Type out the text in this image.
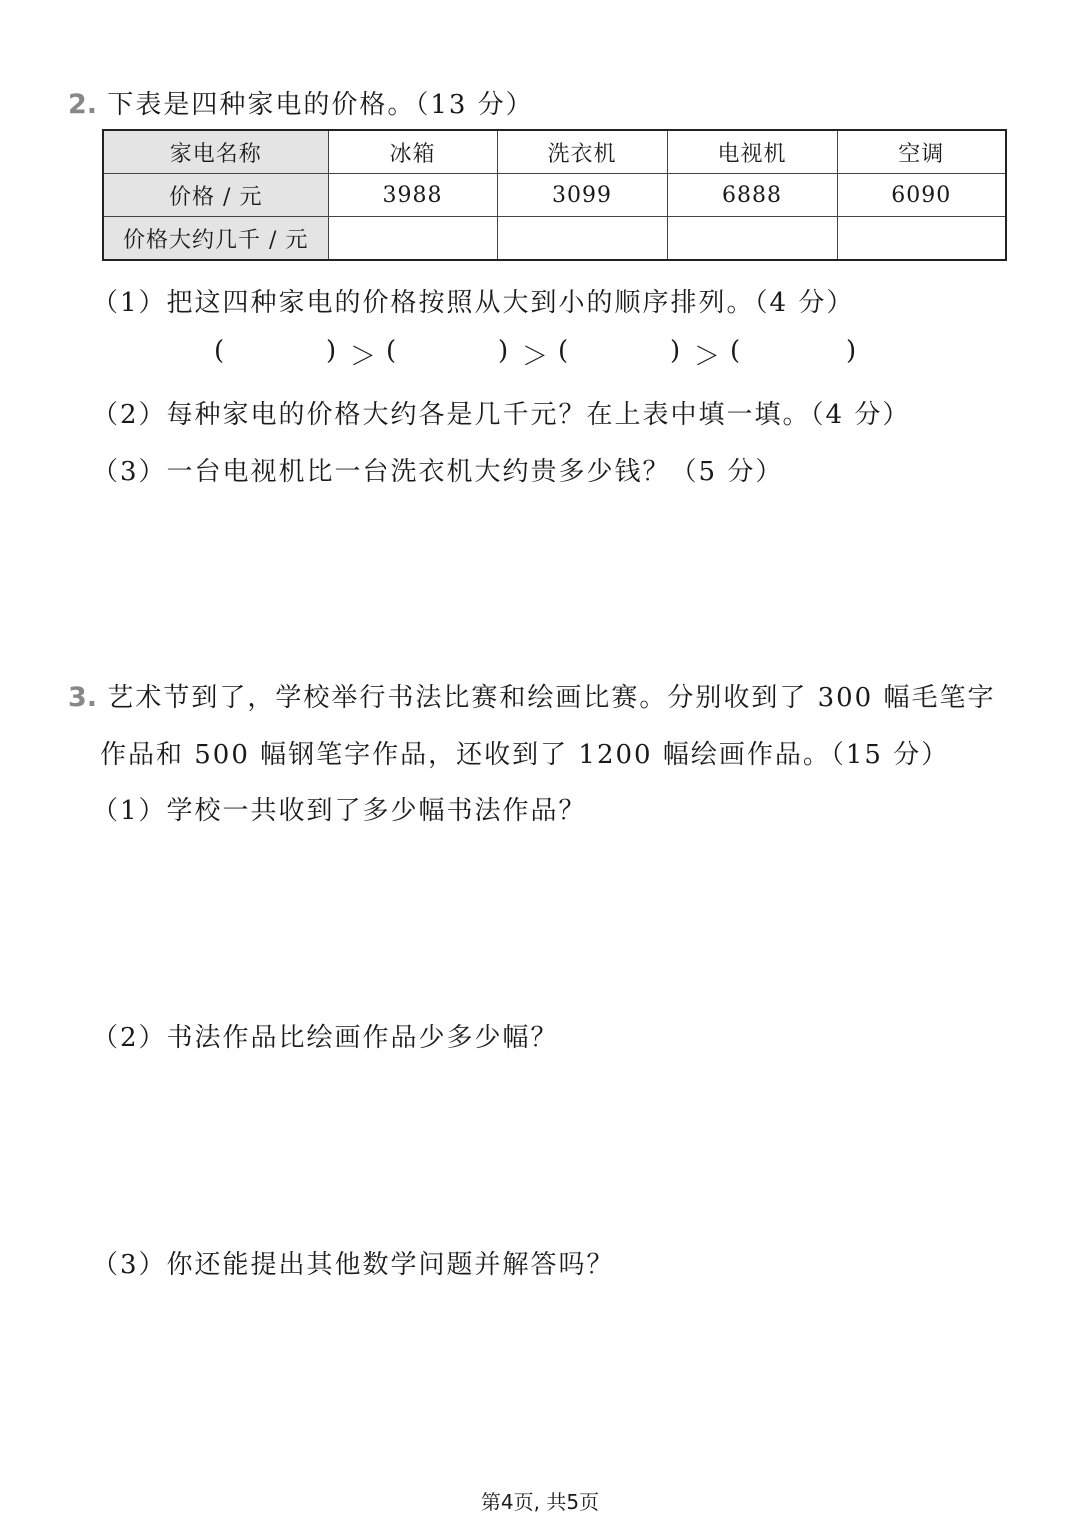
2. 下表是四种家电的价格。（13 分）
家电名称	冰箱	洗衣机	电视机	空调
价格 / 元	3988	3099	6888	6090
价格大约几千 / 元				
（1）把这四种家电的价格按照从大到小的顺序排列。（4 分）
(	) ＞ (	) ＞ (	) ＞ (	)
（2）每种家电的价格大约各是几千元？在上表中填一填。（4 分）
（3）一台电视机比一台洗衣机大约贵多少钱？（5 分）
3. 艺术节到了，学校举行书法比赛和绘画比赛。分别收到了 300 幅毛笔字
作品和 500 幅钢笔字作品，还收到了 1200 幅绘画作品。（15 分）
（1）学校一共收到了多少幅书法作品？
（2）书法作品比绘画作品少多少幅？
（3）你还能提出其他数学问题并解答吗？
第4页, 共5页
